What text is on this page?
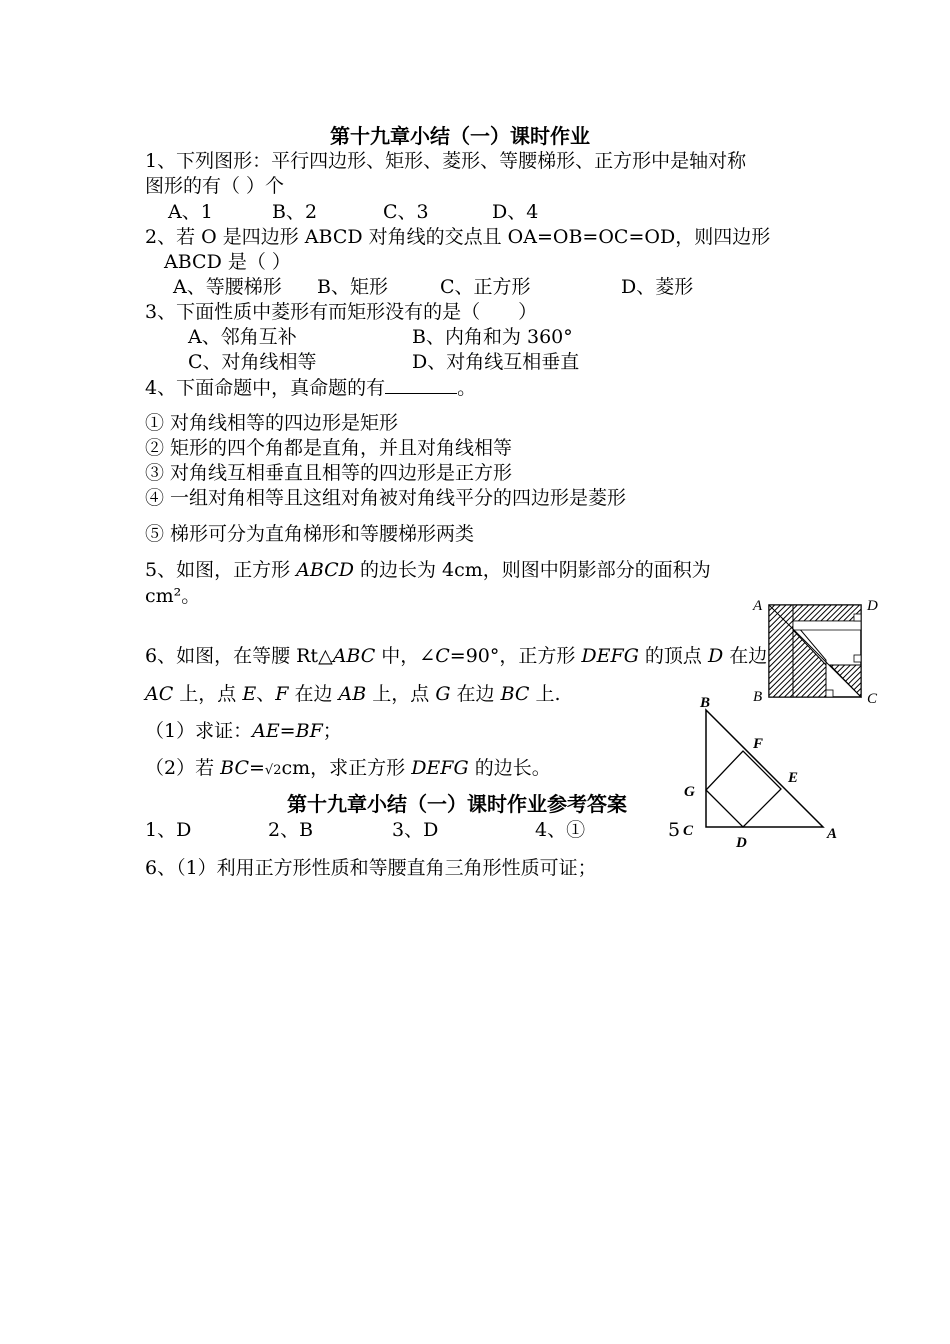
第十九章小结（一）课时作业
1、下列图形：平行四边形、矩形、菱形、等腰梯形、正方形中是轴对称
图形的有（ ）个
A、1	B、2	C、3	D、4
2、若 O 是四边形 ABCD 对角线的交点且 OA=OB=OC=OD，则四边形
ABCD 是（ ）
A、等腰梯形 B、矩形	C、正方形	D、菱形
3、下面性质中菱形有而矩形没有的是（　　）
A、邻角互补	B、内角和为 360°
C、对角线相等	D、对角线互相垂直
4、下面命题中，真命题的有	。
① 对角线相等的四边形是矩形
② 矩形的四个角都是直角，并且对角线相等
③ 对角线互相垂直且相等的四边形是正方形
④ 一组对角相等且这组对角被对角线平分的四边形是菱形
⑤ 梯形可分为直角梯形和等腰梯形两类
5、如图，正方形 ABCD 的边长为 4cm，则图中阴影部分的面积为
cm²。	A	D
B	C
6、如图，在等腰 Rt△ABC 中，∠C=90°，正方形 DEFG 的顶点 D 在边
AC 上，点 E、F 在边 AB 上，点 G 在边 BC 上.
（1）求证：AE=BF；
（2）若 BC=√2cm，求正方形 DEFG 的边长。
B
F
E
G
C
D
A
第十九章小结（一）课时作业参考答案
1、D	2、B	3、D	4、①	5
6、（1）利用正方形性质和等腰直角三角形性质可证；
